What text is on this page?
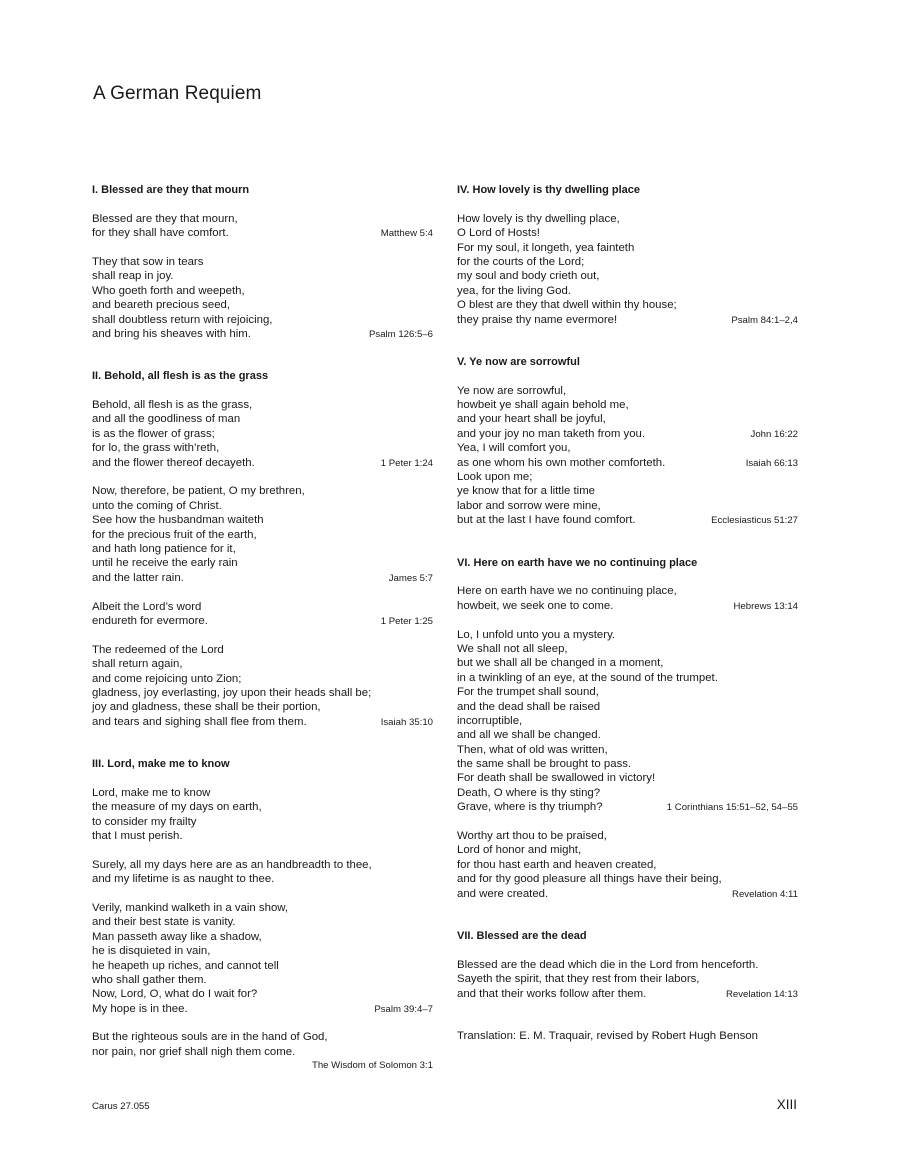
A German Requiem
I. Blessed are they that mourn
Blessed are they that mourn,
for they shall have comfort.	Matthew 5:4
They that sow in tears
shall reap in joy.
Who goeth forth and weepeth,
and beareth precious seed,
shall doubtless return with rejoicing,
and bring his sheaves with him.	Psalm 126:5–6
II. Behold, all flesh is as the grass
Behold, all flesh is as the grass,
and all the goodliness of man
is as the flower of grass;
for lo, the grass with’reth,
and the flower thereof decayeth.	1 Peter 1:24
Now, therefore, be patient, O my brethren,
unto the coming of Christ.
See how the husbandman waiteth
for the precious fruit of the earth,
and hath long patience for it,
until he receive the early rain
and the latter rain.	James 5:7
Albeit the Lord’s word
endureth for evermore.	1 Peter 1:25
The redeemed of the Lord
shall return again,
and come rejoicing unto Zion;
gladness, joy everlasting, joy upon their heads shall be;
joy and gladness, these shall be their portion,
and tears and sighing shall flee from them.	Isaiah 35:10
III. Lord, make me to know
Lord, make me to know
the measure of my days on earth,
to consider my frailty
that I must perish.
Surely, all my days here are as an handbreadth to thee,
and my lifetime is as naught to thee.
Verily, mankind walketh in a vain show,
and their best state is vanity.
Man passeth away like a shadow,
he is disquieted in vain,
he heapeth up riches, and cannot tell
who shall gather them.
Now, Lord, O, what do I wait for?
My hope is in thee.	Psalm 39:4–7
But the righteous souls are in the hand of God,
nor pain, nor grief shall nigh them come.
The Wisdom of Solomon 3:1
IV. How lovely is thy dwelling place
How lovely is thy dwelling place,
O Lord of Hosts!
For my soul, it longeth, yea fainteth
for the courts of the Lord;
my soul and body crieth out,
yea, for the living God.
O blest are they that dwell within thy house;
they praise thy name evermore!	Psalm 84:1–2,4
V. Ye now are sorrowful
Ye now are sorrowful,
howbeit ye shall again behold me,
and your heart shall be joyful,
and your joy no man taketh from you.	John 16:22
Yea, I will comfort you,
as one whom his own mother comforteth.	Isaiah 66:13
Look upon me;
ye know that for a little time
labor and sorrow were mine,
but at the last I have found comfort.	Ecclesiasticus 51:27
VI. Here on earth have we no continuing place
Here on earth have we no continuing place,
howbeit, we seek one to come.	Hebrews 13:14
Lo, I unfold unto you a mystery.
We shall not all sleep,
but we shall all be changed in a moment,
in a twinkling of an eye, at the sound of the trumpet.
For the trumpet shall sound,
and the dead shall be raised
incorruptible,
and all we shall be changed.
Then, what of old was written,
the same shall be brought to pass.
For death shall be swallowed in victory!
Death, O where is thy sting?
Grave, where is thy triumph?	1 Corinthians 15:51–52, 54–55
Worthy art thou to be praised,
Lord of honor and might,
for thou hast earth and heaven created,
and for thy good pleasure all things have their being,
and were created.	Revelation 4:11
VII. Blessed are the dead
Blessed are the dead which die in the Lord from henceforth.
Sayeth the spirit, that they rest from their labors,
and that their works follow after them.	Revelation 14:13
Translation: E. M. Traquair, revised by Robert Hugh Benson
Carus 27.055	XIII
